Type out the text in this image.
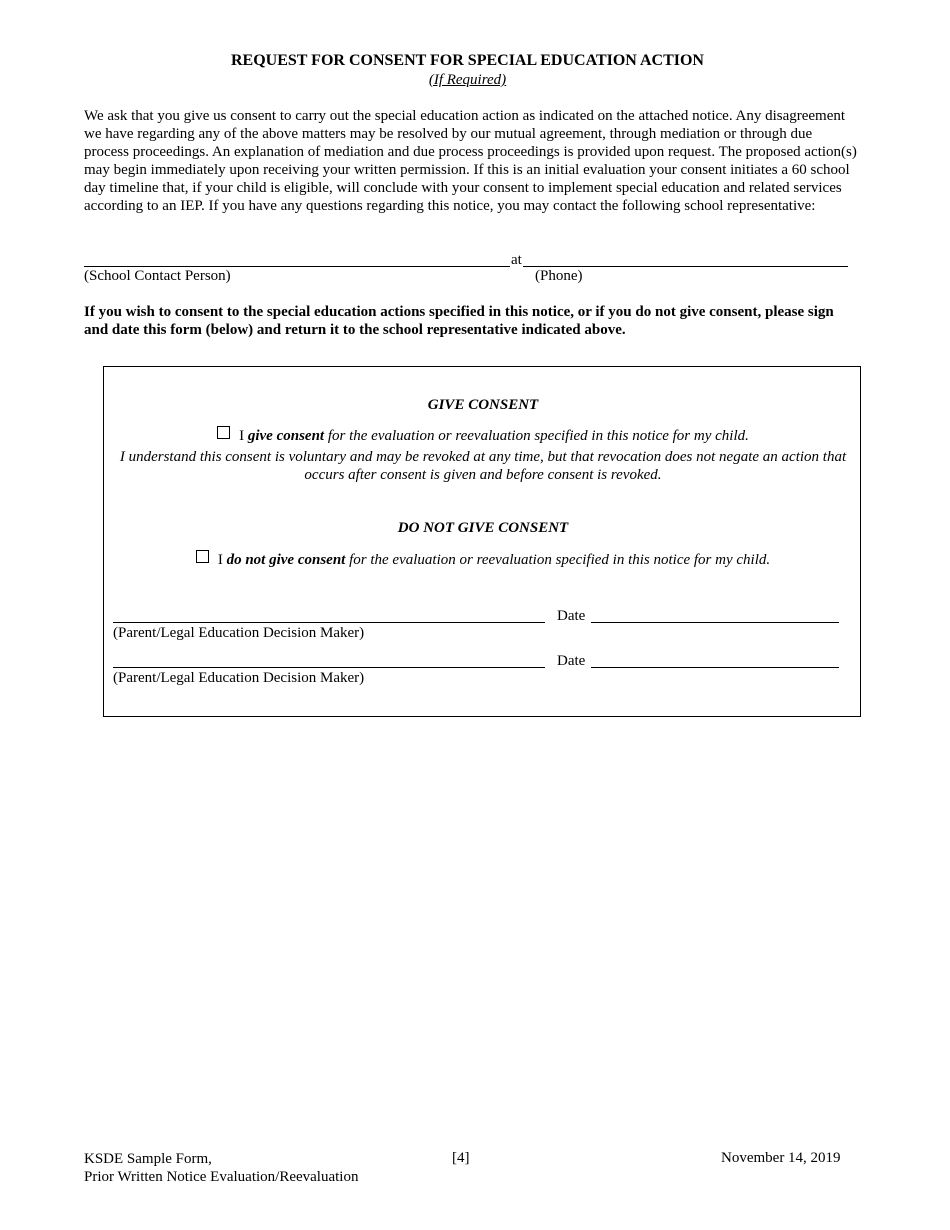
REQUEST FOR CONSENT FOR SPECIAL EDUCATION ACTION
(If Required)

We ask that you give us consent to carry out the special education action as indicated on the attached notice. Any disagreement we have regarding any of the above matters may be resolved by our mutual agreement, through mediation or through due process proceedings. An explanation of mediation and due process proceedings is provided upon request. The proposed action(s) may begin immediately upon receiving your written permission. If this is an initial evaluation your consent initiates a 60 school day timeline that, if your child is eligible, will conclude with your consent to implement special education and related services according to an IEP. If you have any questions regarding this notice, you may contact the following school representative:

at
(School Contact Person)	(Phone)

If you wish to consent to the special education actions specified in this notice, or if you do not give consent, please sign and date this form (below) and return it to the school representative indicated above.

GIVE CONSENT
I give consent for the evaluation or reevaluation specified in this notice for my child.

I understand this consent is voluntary and may be revoked at any time, but that revocation does not negate an action that occurs after consent is given and before consent is revoked.

DO NOT GIVE CONSENT
I do not give consent for the evaluation or reevaluation specified in this notice for my child.
Date
(Parent/Legal Education Decision Maker)
Date
(Parent/Legal Education Decision Maker)
KSDE Sample Form,
Prior Written Notice Evaluation/Reevaluation
[4]	November 14, 2019
